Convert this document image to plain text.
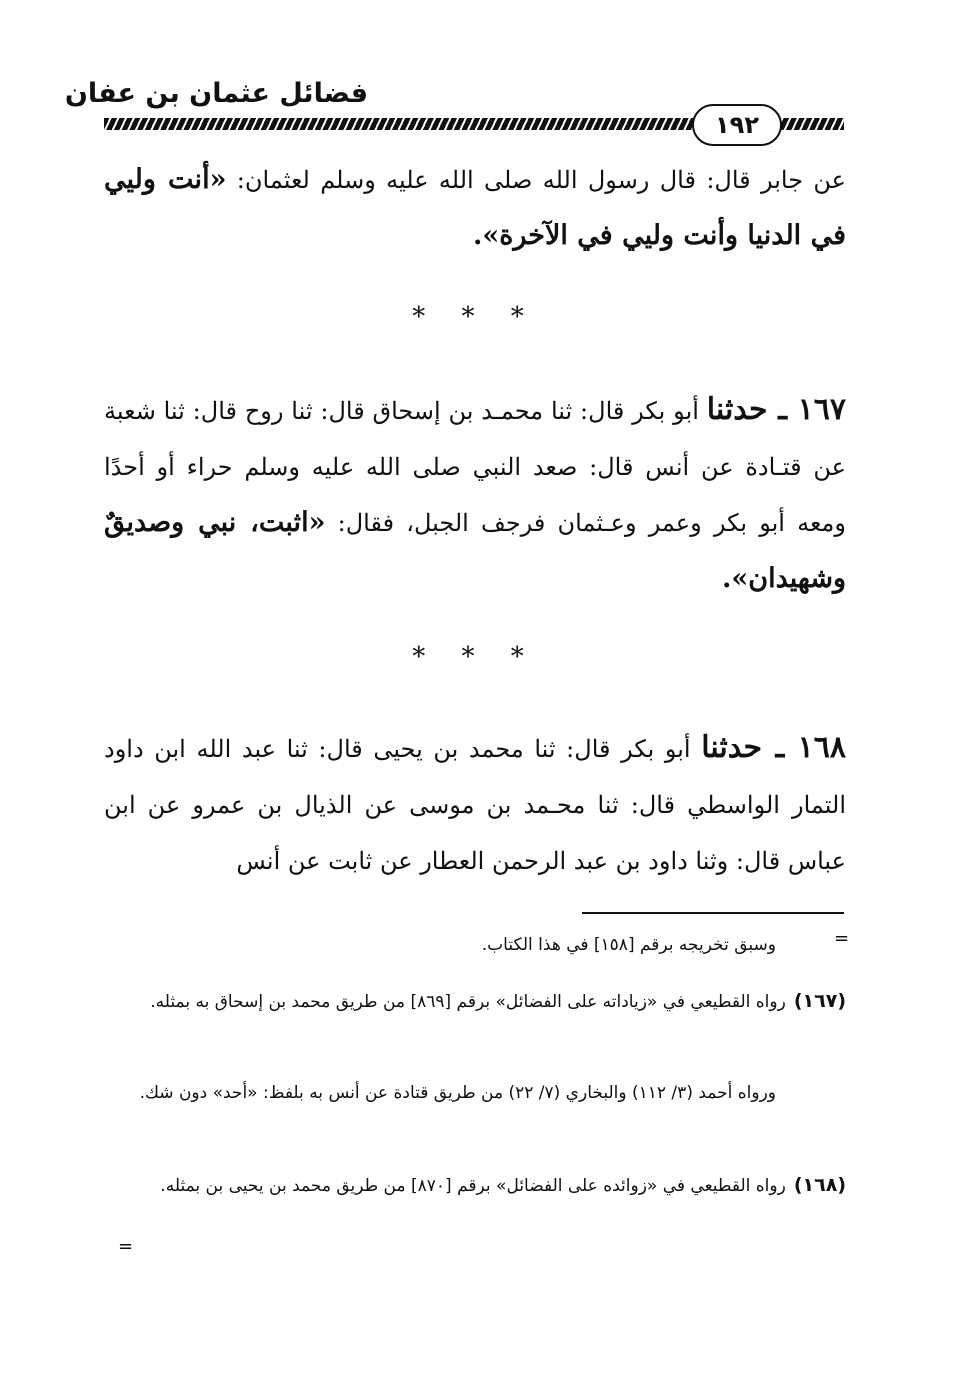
فضائل عثمان بن عفان
١٩٢
عن جابر قال: قال رسول الله صلى الله عليه وسلم لعثمان: «أنت وليي في الدنيا وأنت وليي في الآخرة».
* * *
١٦٧ ـ حدثنا أبو بكر قال: ثنا محمـد بن إسحاق قال: ثنا روح قال: ثنا شعبة عن قتـادة عن أنس قال: صعد النبي صلى الله عليه وسلم حراء أو أحدًا ومعه أبو بكر وعمر وعـثمان فرجف الجبل، فقال: «اثبت، نبي وصديقٌ وشهيدان».
* * *
١٦٨ ـ حدثنا أبو بكر قال: ثنا محمد بن يحيى قال: ثنا عبد الله ابن داود التمار الواسطي قال: ثنا محـمد بن موسى عن الذيال بن عمرو عن ابن عباس قال: وثنا داود بن عبد الرحمن العطار عن ثابت عن أنس
=
وسبق تخريجه برقم [١٥٨] في هذا الكتاب.
(١٦٧)رواه القطيعي في «زياداته على الفضائل» برقم [٨٦٩] من طريق محمد بن إسحاق به بمثله.
ورواه أحمد (٣/ ١١٢) والبخاري (٧/ ٢٢) من طريق قتادة عن أنس به بلفظ: «أحد» دون شك.
(١٦٨)رواه القطيعي في «زوائده على الفضائل» برقم [٨٧٠] من طريق محمد بن يحيى بن بمثله.
=
